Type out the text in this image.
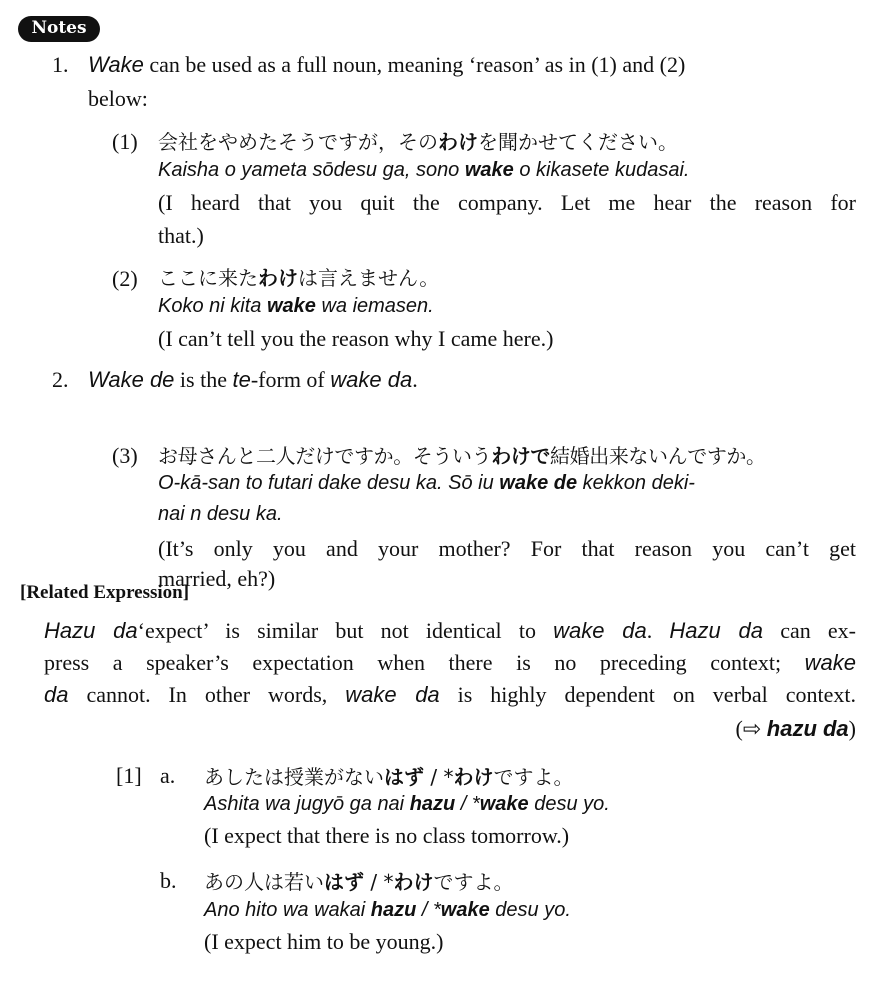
Notes
1. Wake can be used as a full noun, meaning ‘reason’ as in (1) and (2)
below:
(1) 会社をやめたそうですが，そのわけを聞かせてください。
Kaisha o yameta sōdesu ga, sono wake o kikasete kudasai.
(I heard that you quit the company. Let me hear the reason for
that.)
(2) ここに来たわけは言えません。
Koko ni kita wake wa iemasen.
(I can’t tell you the reason why I came here.)
2. Wake de is the te-form of wake da.
(3) お母さんと二人だけですか。そういうわけで結婚出来ないんですか。
O-kā-san to futari dake desu ka. Sō iu wake de kekkon deki-
nai n desu ka.
(It’s only you and your mother? For that reason you can’t get
married, eh?)
[Related Expression]
Hazu da‘expect’ is similar but not identical to wake da. Hazu da can ex-
press a speaker’s expectation when there is no preceding context; wake
da cannot. In other words, wake da is highly dependent on verbal context.
(⇨ hazu da)
[1] a. あしたは授業がないはず / *わけですよ。
Ashita wa jugyō ga nai hazu / *wake desu yo.
(I expect that there is no class tomorrow.)
b. あの人は若いはず / *わけですよ。
Ano hito wa wakai hazu / *wake desu yo.
(I expect him to be young.)
